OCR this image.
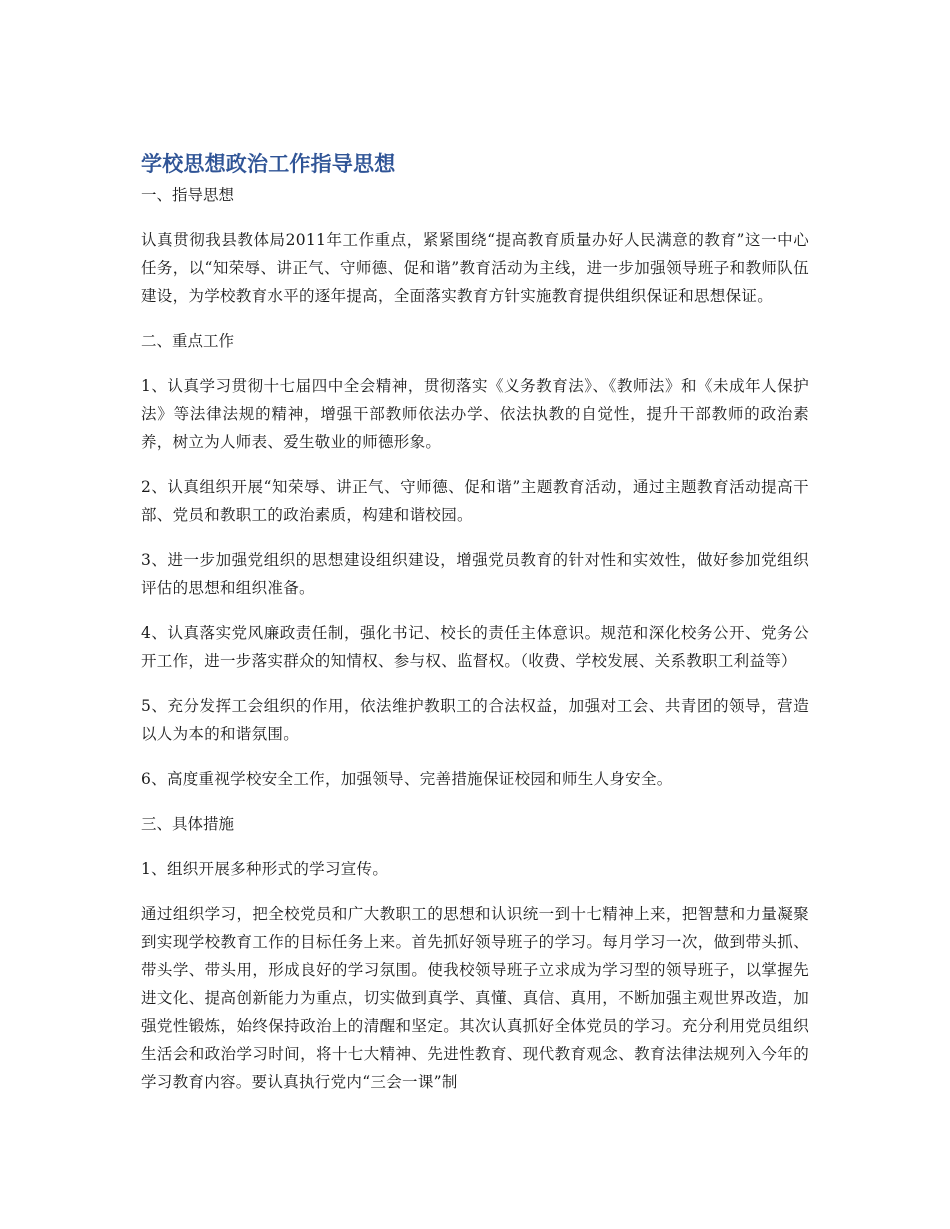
学校思想政治工作指导思想

一、指导思想

认真贯彻我县教体局2011年工作重点，紧紧围绕“提高教育质量办好人民满意的教育”这一中心任务，以“知荣辱、讲正气、守师德、促和谐”教育活动为主线，进一步加强领导班子和教师队伍建设，为学校教育水平的逐年提高，全面落实教育方针实施教育提供组织保证和思想保证。

二、重点工作

1、认真学习贯彻十七届四中全会精神，贯彻落实《义务教育法》、《教师法》和《未成年人保护法》等法律法规的精神，增强干部教师依法办学、依法执教的自觉性，提升干部教师的政治素养，树立为人师表、爱生敬业的师德形象。

2、认真组织开展“知荣辱、讲正气、守师德、促和谐”主题教育活动，通过主题教育活动提高干部、党员和教职工的政治素质，构建和谐校园。

3、进一步加强党组织的思想建设组织建设，增强党员教育的针对性和实效性，做好参加党组织评估的思想和组织准备。

4、认真落实党风廉政责任制，强化书记、校长的责任主体意识。规范和深化校务公开、党务公开工作，进一步落实群众的知情权、参与权、监督权。（收费、学校发展、关系教职工利益等）

5、充分发挥工会组织的作用，依法维护教职工的合法权益，加强对工会、共青团的领导，营造以人为本的和谐氛围。

6、高度重视学校安全工作，加强领导、完善措施保证校园和师生人身安全。

三、具体措施

1、组织开展多种形式的学习宣传。

通过组织学习，把全校党员和广大教职工的思想和认识统一到十七精神上来，把智慧和力量凝聚到实现学校教育工作的目标任务上来。首先抓好领导班子的学习。每月学习一次，做到带头抓、带头学、带头用，形成良好的学习氛围。使我校领导班子立求成为学习型的领导班子，以掌握先进文化、提高创新能力为重点，切实做到真学、真懂、真信、真用，不断加强主观世界改造，加强党性锻炼，始终保持政治上的清醒和坚定。其次认真抓好全体党员的学习。充分利用党员组织生活会和政治学习时间，将十七大精神、先进性教育、现代教育观念、教育法律法规列入今年的学习教育内容。要认真执行党内“三会一课”制
